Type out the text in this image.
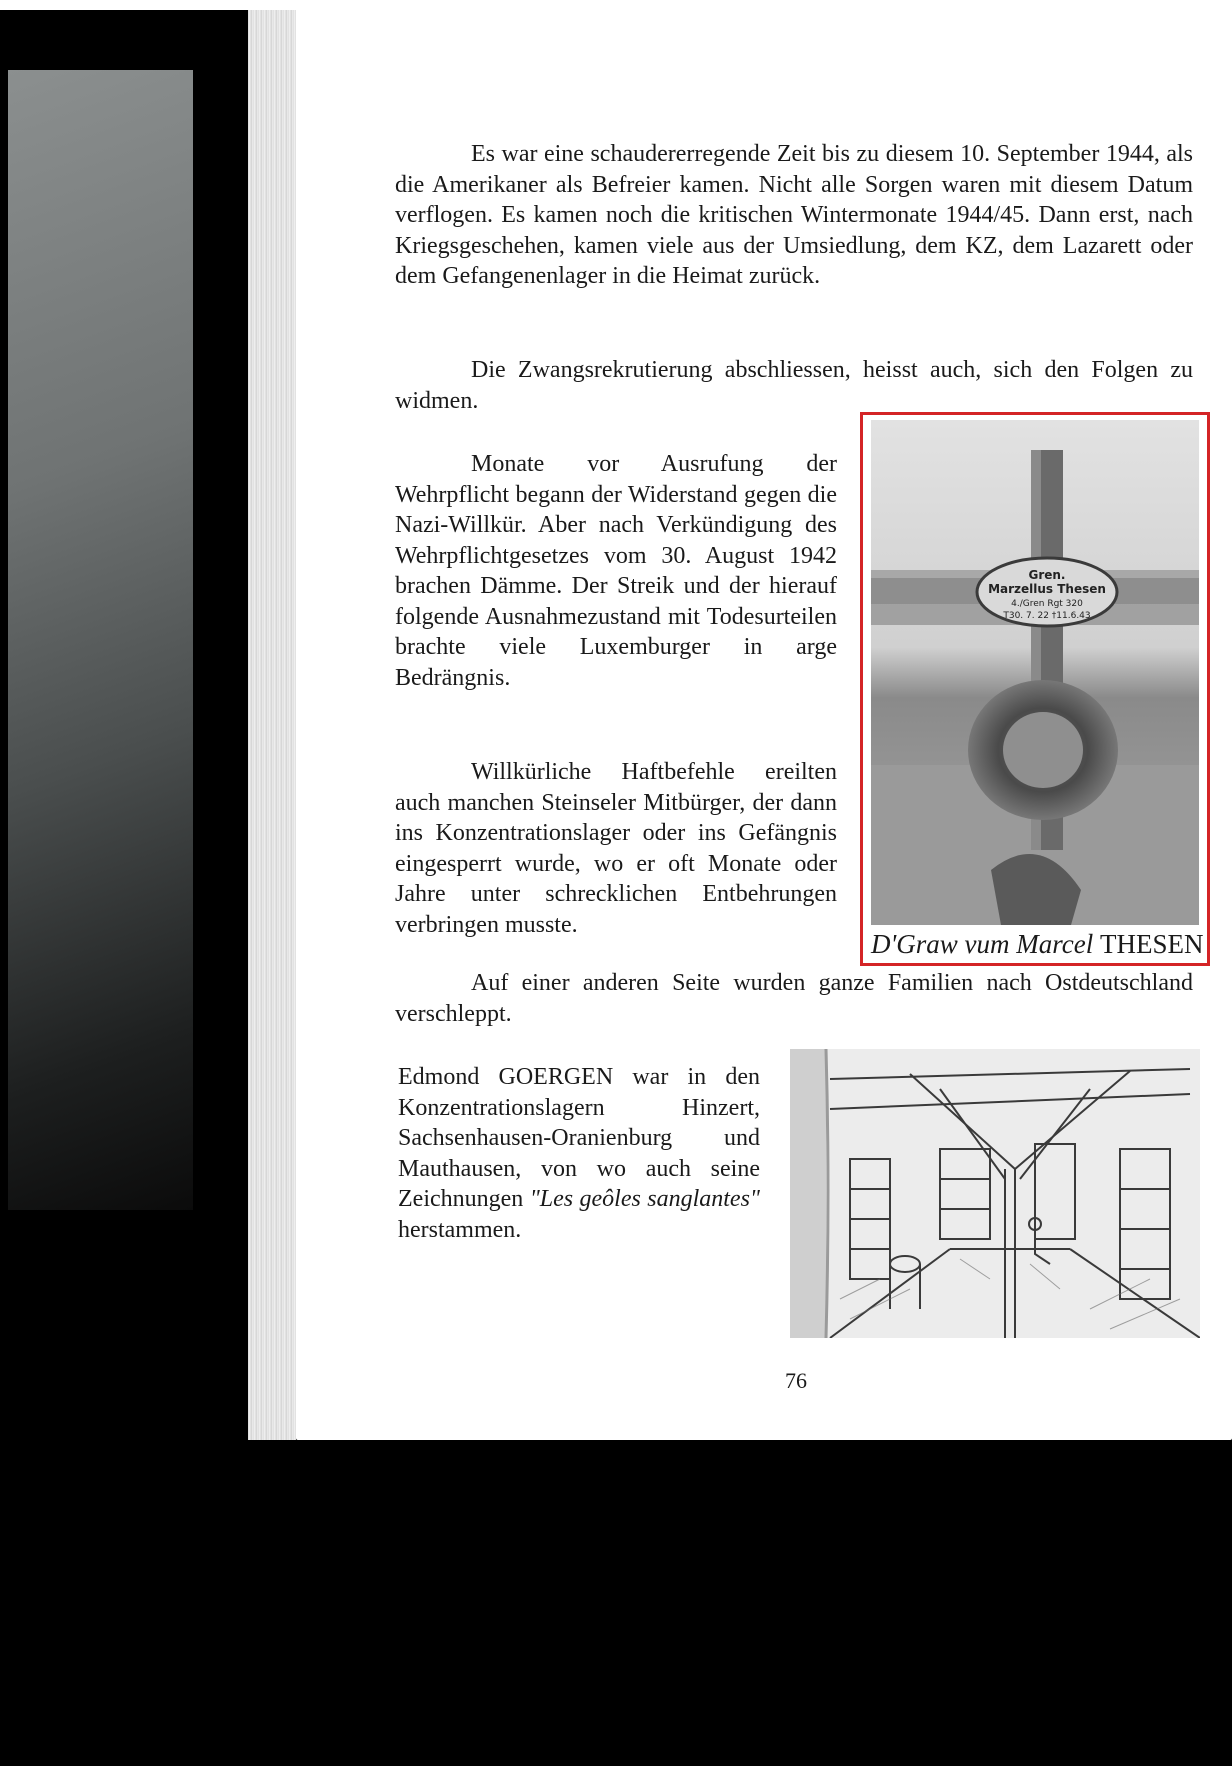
Es war eine schaudererregende Zeit bis zu diesem 10. September 1944, als die Amerikaner als Befreier kamen. Nicht alle Sorgen waren mit diesem Datum verflogen. Es kamen noch die kritischen Wintermonate 1944/45. Dann erst, nach Kriegsgeschehen, kamen viele aus der Umsiedlung, dem KZ, dem Lazarett oder dem Gefangenenlager in die Heimat zurück.

Die Zwangsrekrutierung abschliessen, heisst auch, sich den Folgen zu widmen.

Monate vor Ausrufung der Wehrpflicht begann der Widerstand gegen die Nazi-Willkür. Aber nach Verkündigung des Wehrpflichtgesetzes vom 30. August 1942 brachen Dämme. Der Streik und der hierauf folgende Ausnahmezustand mit Todesurteilen brachte viele Luxemburger in arge Bedrängnis.

Willkürliche Haftbefehle ereilten auch manchen Steinseler Mitbürger, der dann ins Konzentrationslager oder ins Gefängnis eingesperrt wurde, wo er oft Monate oder Jahre unter schrecklichen Entbehrungen verbringen musste.

Auf einer anderen Seite wurden ganze Familien nach Ostdeutschland verschleppt.

Edmond GOERGEN war in den Konzentrationslagern Hinzert, Sachsenhausen-Oranienburg und Mauthausen, von wo auch seine Zeichnungen "Les geôles sanglantes" herstammen.

Gren.
Marzellus Thesen
4./Gren Rgt 320
T30. 7. 22 †11.6.43
D'Graw vum Marcel THESEN
76
